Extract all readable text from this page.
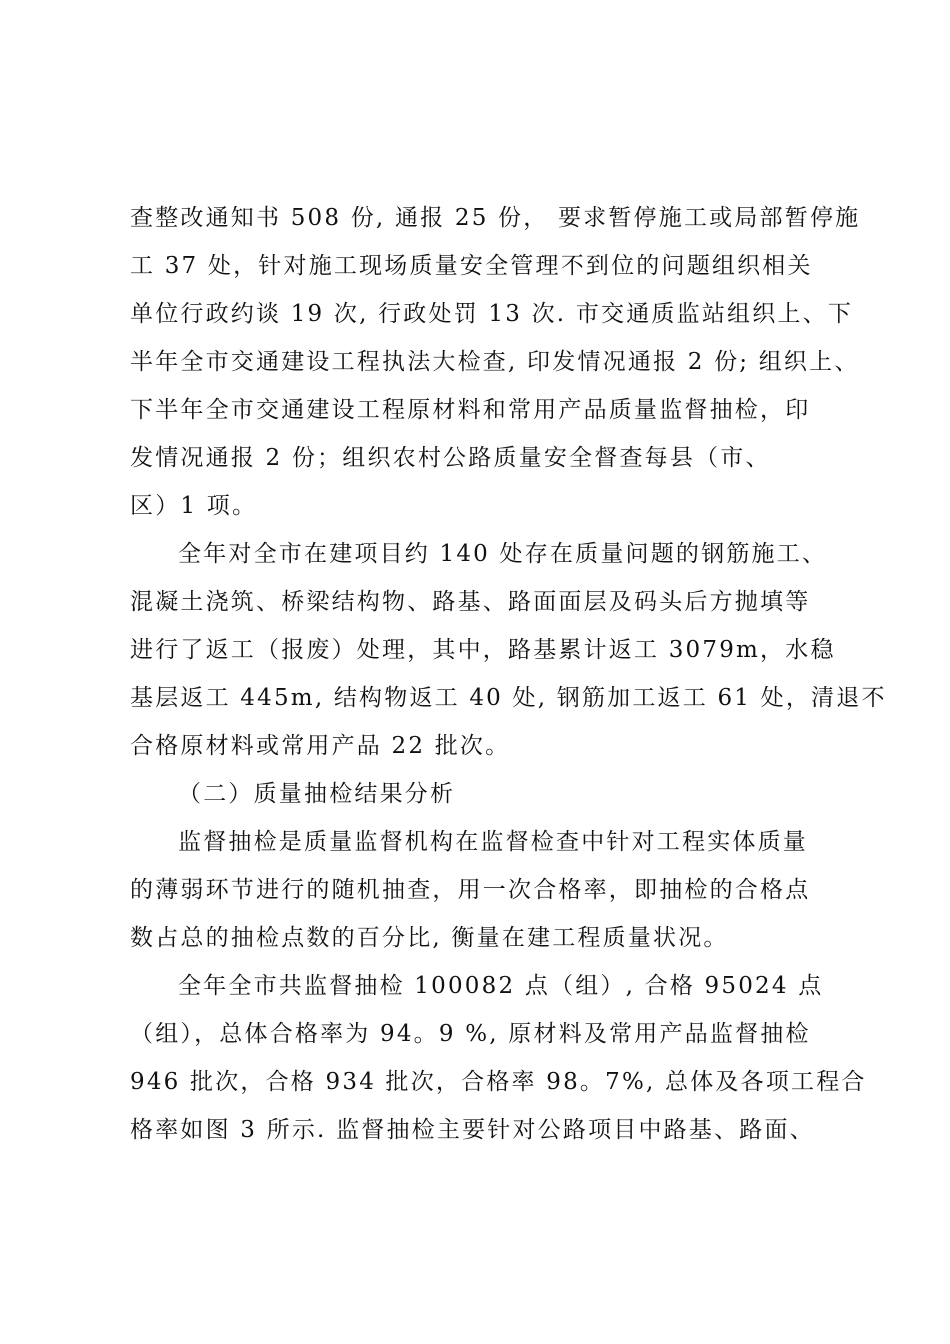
查整改通知书 508 份, 通报 25 份， 要求暂停施工或局部暂停施
工 37 处，针对施工现场质量安全管理不到位的问题组织相关
单位行政约谈 19 次, 行政处罚 13 次. 市交通质监站组织上、下
半年全市交通建设工程执法大检查, 印发情况通报 2 份; 组织上、
下半年全市交通建设工程原材料和常用产品质量监督抽检，印
发情况通报 2 份；组织农村公路质量安全督查每县（市、
区）1 项。
全年对全市在建项目约 140 处存在质量问题的钢筋施工、
混凝土浇筑、桥梁结构物、路基、路面面层及码头后方抛填等
进行了返工（报废）处理，其中，路基累计返工 3079m，水稳
基层返工 445m, 结构物返工 40 处, 钢筋加工返工 61 处，清退不
合格原材料或常用产品 22 批次。
（二）质量抽检结果分析
监督抽检是质量监督机构在监督检查中针对工程实体质量
的薄弱环节进行的随机抽查，用一次合格率，即抽检的合格点
数占总的抽检点数的百分比, 衡量在建工程质量状况。
全年全市共监督抽检 100082 点（组）, 合格 95024 点
（组），总体合格率为 94。9 %, 原材料及常用产品监督抽检
946 批次，合格 934 批次，合格率 98。7%, 总体及各项工程合
格率如图 3 所示. 监督抽检主要针对公路项目中路基、路面、
